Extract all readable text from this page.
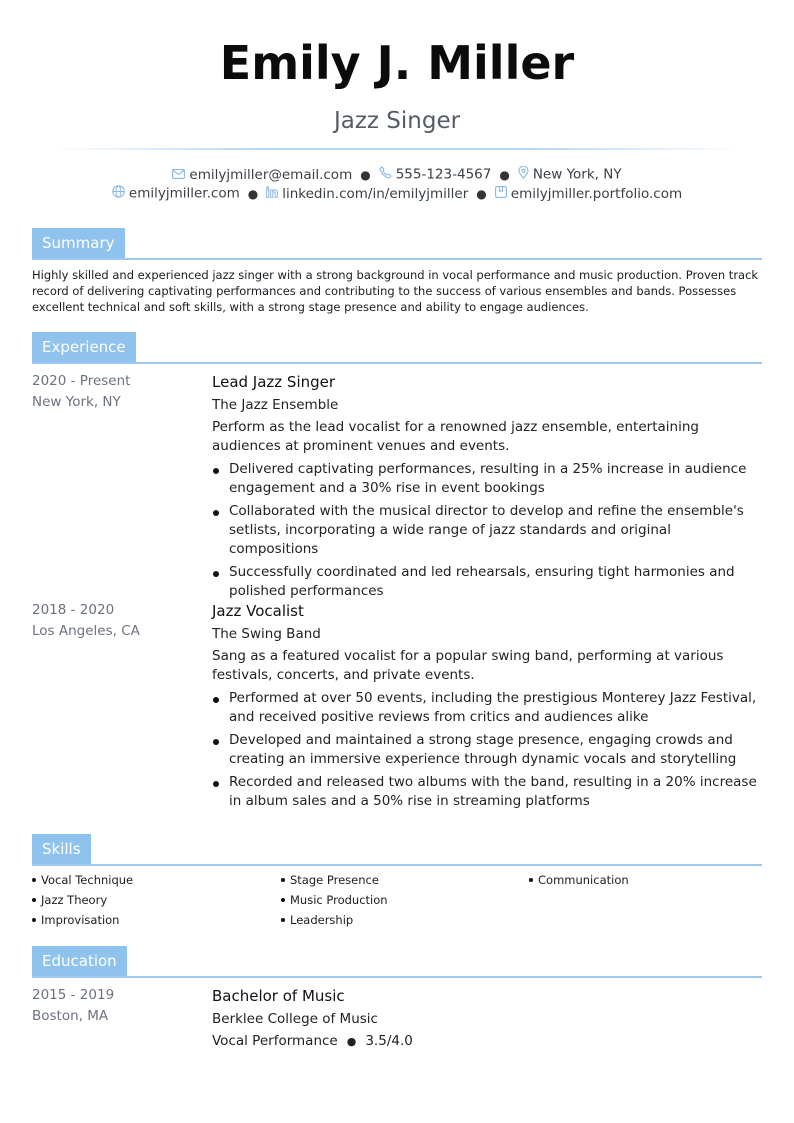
Emily J. Miller
Jazz Singer
emilyjmiller@email.com ● 555-123-4567 ● New York, NY
emilyjmiller.com ● linkedin.com/in/emilyjmiller ● emilyjmiller.portfolio.com
Summary
Highly skilled and experienced jazz singer with a strong background in vocal performance and music production. Proven track record of delivering captivating performances and contributing to the success of various ensembles and bands. Possesses excellent technical and soft skills, with a strong stage presence and ability to engage audiences.
Experience
2020 - Present
New York, NY
Lead Jazz Singer
The Jazz Ensemble
Perform as the lead vocalist for a renowned jazz ensemble, entertaining audiences at prominent venues and events.
Delivered captivating performances, resulting in a 25% increase in audience engagement and a 30% rise in event bookings
Collaborated with the musical director to develop and refine the ensemble's setlists, incorporating a wide range of jazz standards and original compositions
Successfully coordinated and led rehearsals, ensuring tight harmonies and polished performances
2018 - 2020
Los Angeles, CA
Jazz Vocalist
The Swing Band
Sang as a featured vocalist for a popular swing band, performing at various festivals, concerts, and private events.
Performed at over 50 events, including the prestigious Monterey Jazz Festival, and received positive reviews from critics and audiences alike
Developed and maintained a strong stage presence, engaging crowds and creating an immersive experience through dynamic vocals and storytelling
Recorded and released two albums with the band, resulting in a 20% increase in album sales and a 50% rise in streaming platforms
Skills
Vocal Technique
Jazz Theory
Improvisation
Stage Presence
Music Production
Leadership
Communication
Education
2015 - 2019
Boston, MA
Bachelor of Music
Berklee College of Music
Vocal Performance ● 3.5/4.0
